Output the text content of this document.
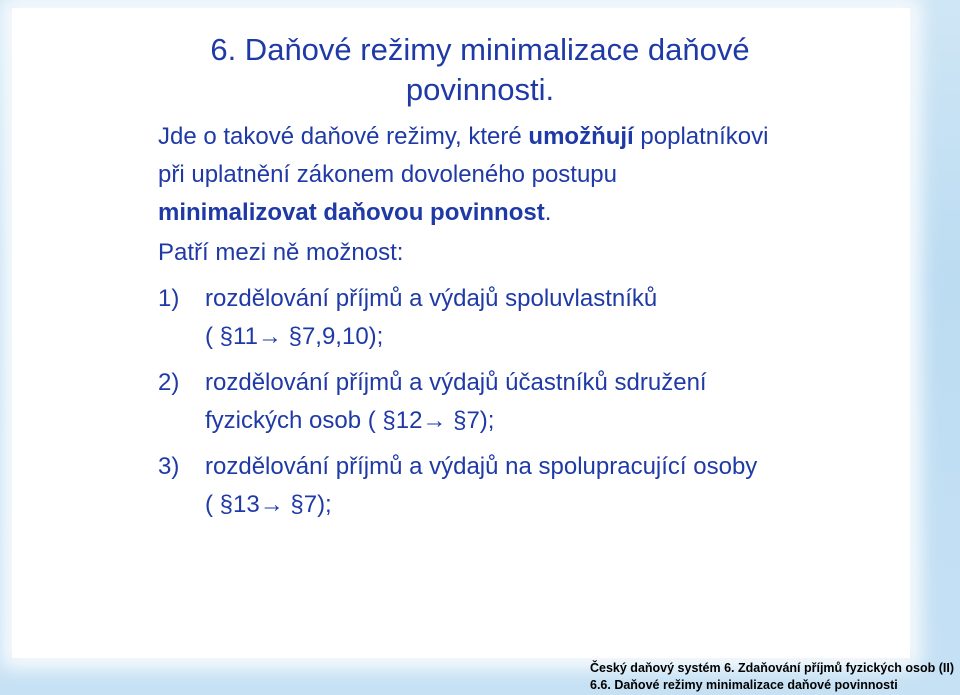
6. Daňové režimy minimalizace daňové
povinnosti.

Jde o takové daňové režimy, které umožňují poplatníkovi

při uplatnění zákonem dovoleného postupu

minimalizovat daňovou povinnost.

Patří mezi ně možnost:

1) rozdělování příjmů a výdajů spoluvlastníků
( §11→ §7,9,10);
2) rozdělování příjmů a výdajů účastníků sdružení
fyzických osob ( §12→ §7);
3) rozdělování příjmů a výdajů na spolupracující osoby
( §13→ §7);
Český daňový systém 6. Zdaňování příjmů fyzických osob (II)
6.6. Daňové režimy minimalizace daňové povinnosti
